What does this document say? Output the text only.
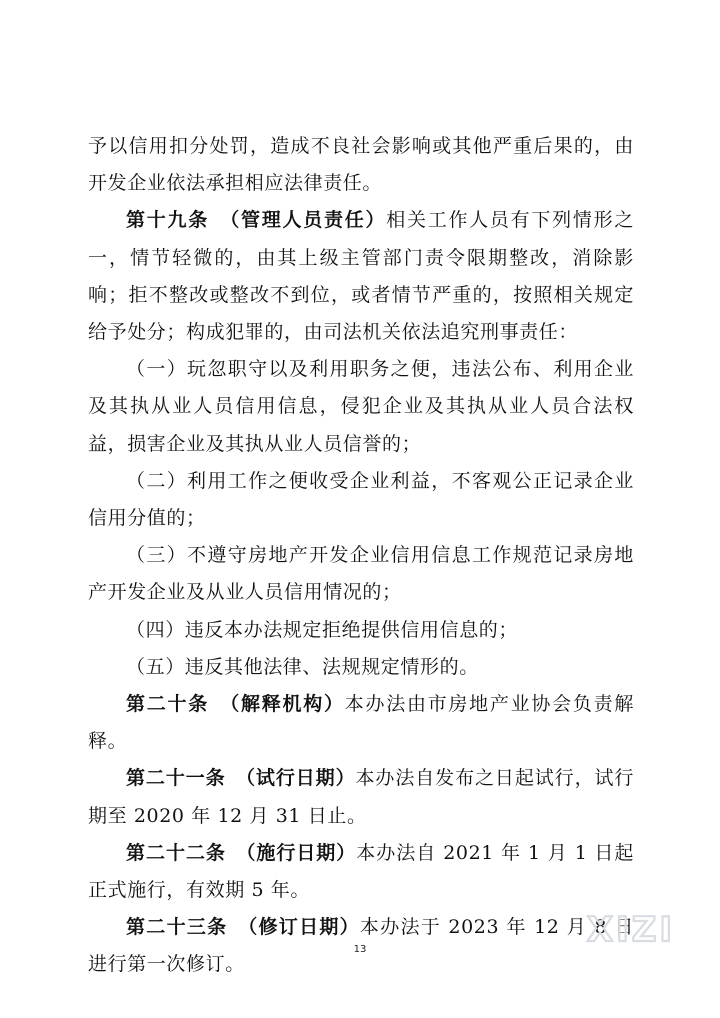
予以信用扣分处罚，造成不良社会影响或其他严重后果的，由开发企业依法承担相应法律责任。

第十九条　（管理人员责任）相关工作人员有下列情形之一，情节轻微的，由其上级主管部门责令限期整改，消除影响；拒不整改或整改不到位，或者情节严重的，按照相关规定给予处分；构成犯罪的，由司法机关依法追究刑事责任：

（一）玩忽职守以及利用职务之便，违法公布、利用企业及其执从业人员信用信息，侵犯企业及其执从业人员合法权益，损害企业及其执从业人员信誉的；

（二）利用工作之便收受企业利益，不客观公正记录企业信用分值的；

（三）不遵守房地产开发企业信用信息工作规范记录房地产开发企业及从业人员信用情况的；

（四）违反本办法规定拒绝提供信用信息的；

（五）违反其他法律、法规规定情形的。

第二十条　（解释机构）本办法由市房地产业协会负责解释。

第二十一条　（试行日期）本办法自发布之日起试行，试行期至 2020 年 12 月 31 日止。

第二十二条　（施行日期）本办法自 2021 年 1 月 1 日起正式施行，有效期 5 年。

第二十三条　（修订日期）本办法于 2023 年 12 月 8 日进行第一次修订。

13	XIZI
